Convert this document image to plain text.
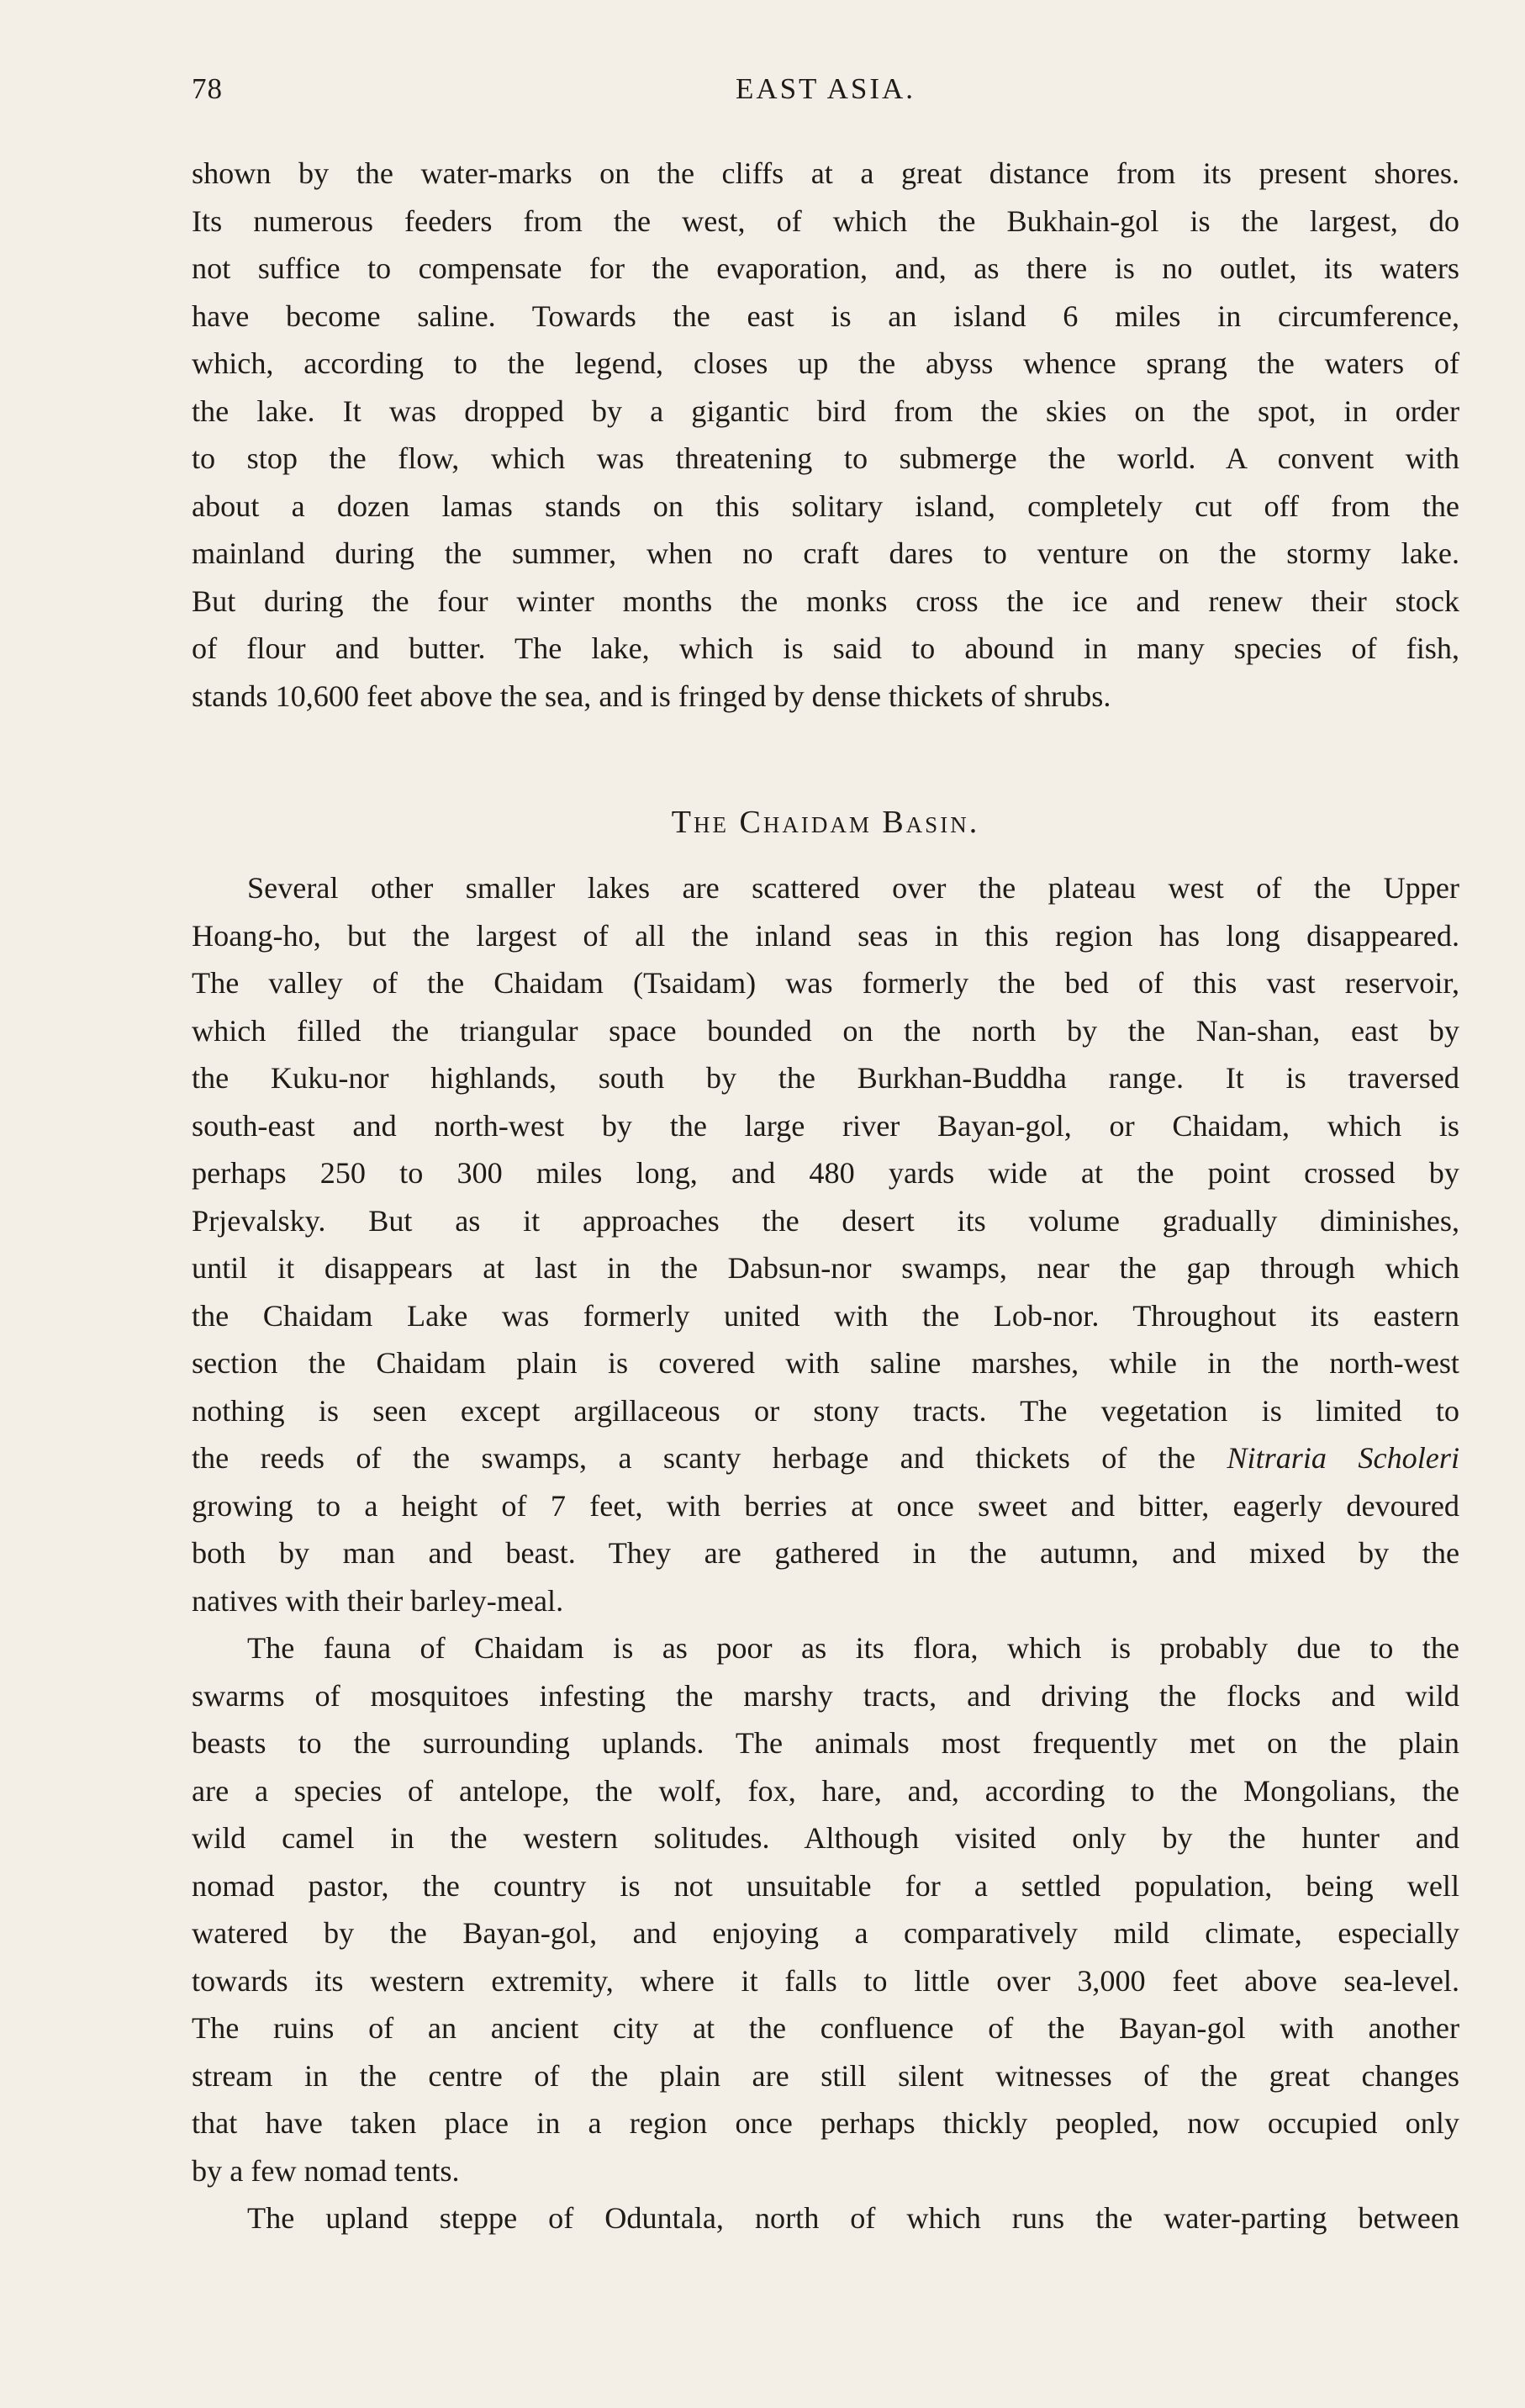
78	EAST ASIA.
shown by the water-marks on the cliffs at a great distance from its present shores.
Its numerous feeders from the west, of which the Bukhain-gol is the largest, do
not suffice to compensate for the evaporation, and, as there is no outlet, its waters
have become saline. Towards the east is an island 6 miles in circumference,
which, according to the legend, closes up the abyss whence sprang the waters of
the lake. It was dropped by a gigantic bird from the skies on the spot, in order
to stop the flow, which was threatening to submerge the world. A convent with
about a dozen lamas stands on this solitary island, completely cut off from the
mainland during the summer, when no craft dares to venture on the stormy lake.
But during the four winter months the monks cross the ice and renew their stock
of flour and butter. The lake, which is said to abound in many species of fish,
stands 10,600 feet above the sea, and is fringed by dense thickets of shrubs.
The Chaidam Basin.
Several other smaller lakes are scattered over the plateau west of the Upper
Hoang-ho, but the largest of all the inland seas in this region has long disappeared.
The valley of the Chaidam (Tsaidam) was formerly the bed of this vast reservoir,
which filled the triangular space bounded on the north by the Nan-shan, east by
the Kuku-nor highlands, south by the Burkhan-Buddha range. It is traversed
south-east and north-west by the large river Bayan-gol, or Chaidam, which is
perhaps 250 to 300 miles long, and 480 yards wide at the point crossed by
Prjevalsky. But as it approaches the desert its volume gradually diminishes,
until it disappears at last in the Dabsun-nor swamps, near the gap through which
the Chaidam Lake was formerly united with the Lob-nor. Throughout its eastern
section the Chaidam plain is covered with saline marshes, while in the north-west
nothing is seen except argillaceous or stony tracts. The vegetation is limited to
the reeds of the swamps, a scanty herbage and thickets of the Nitraria Scholeri
growing to a height of 7 feet, with berries at once sweet and bitter, eagerly devoured
both by man and beast. They are gathered in the autumn, and mixed by the
natives with their barley-meal.
The fauna of Chaidam is as poor as its flora, which is probably due to the
swarms of mosquitoes infesting the marshy tracts, and driving the flocks and wild
beasts to the surrounding uplands. The animals most frequently met on the plain
are a species of antelope, the wolf, fox, hare, and, according to the Mongolians, the
wild camel in the western solitudes. Although visited only by the hunter and
nomad pastor, the country is not unsuitable for a settled population, being well
watered by the Bayan-gol, and enjoying a comparatively mild climate, especially
towards its western extremity, where it falls to little over 3,000 feet above sea-level.
The ruins of an ancient city at the confluence of the Bayan-gol with another
stream in the centre of the plain are still silent witnesses of the great changes
that have taken place in a region once perhaps thickly peopled, now occupied only
by a few nomad tents.
The upland steppe of Oduntala, north of which runs the water-parting between
